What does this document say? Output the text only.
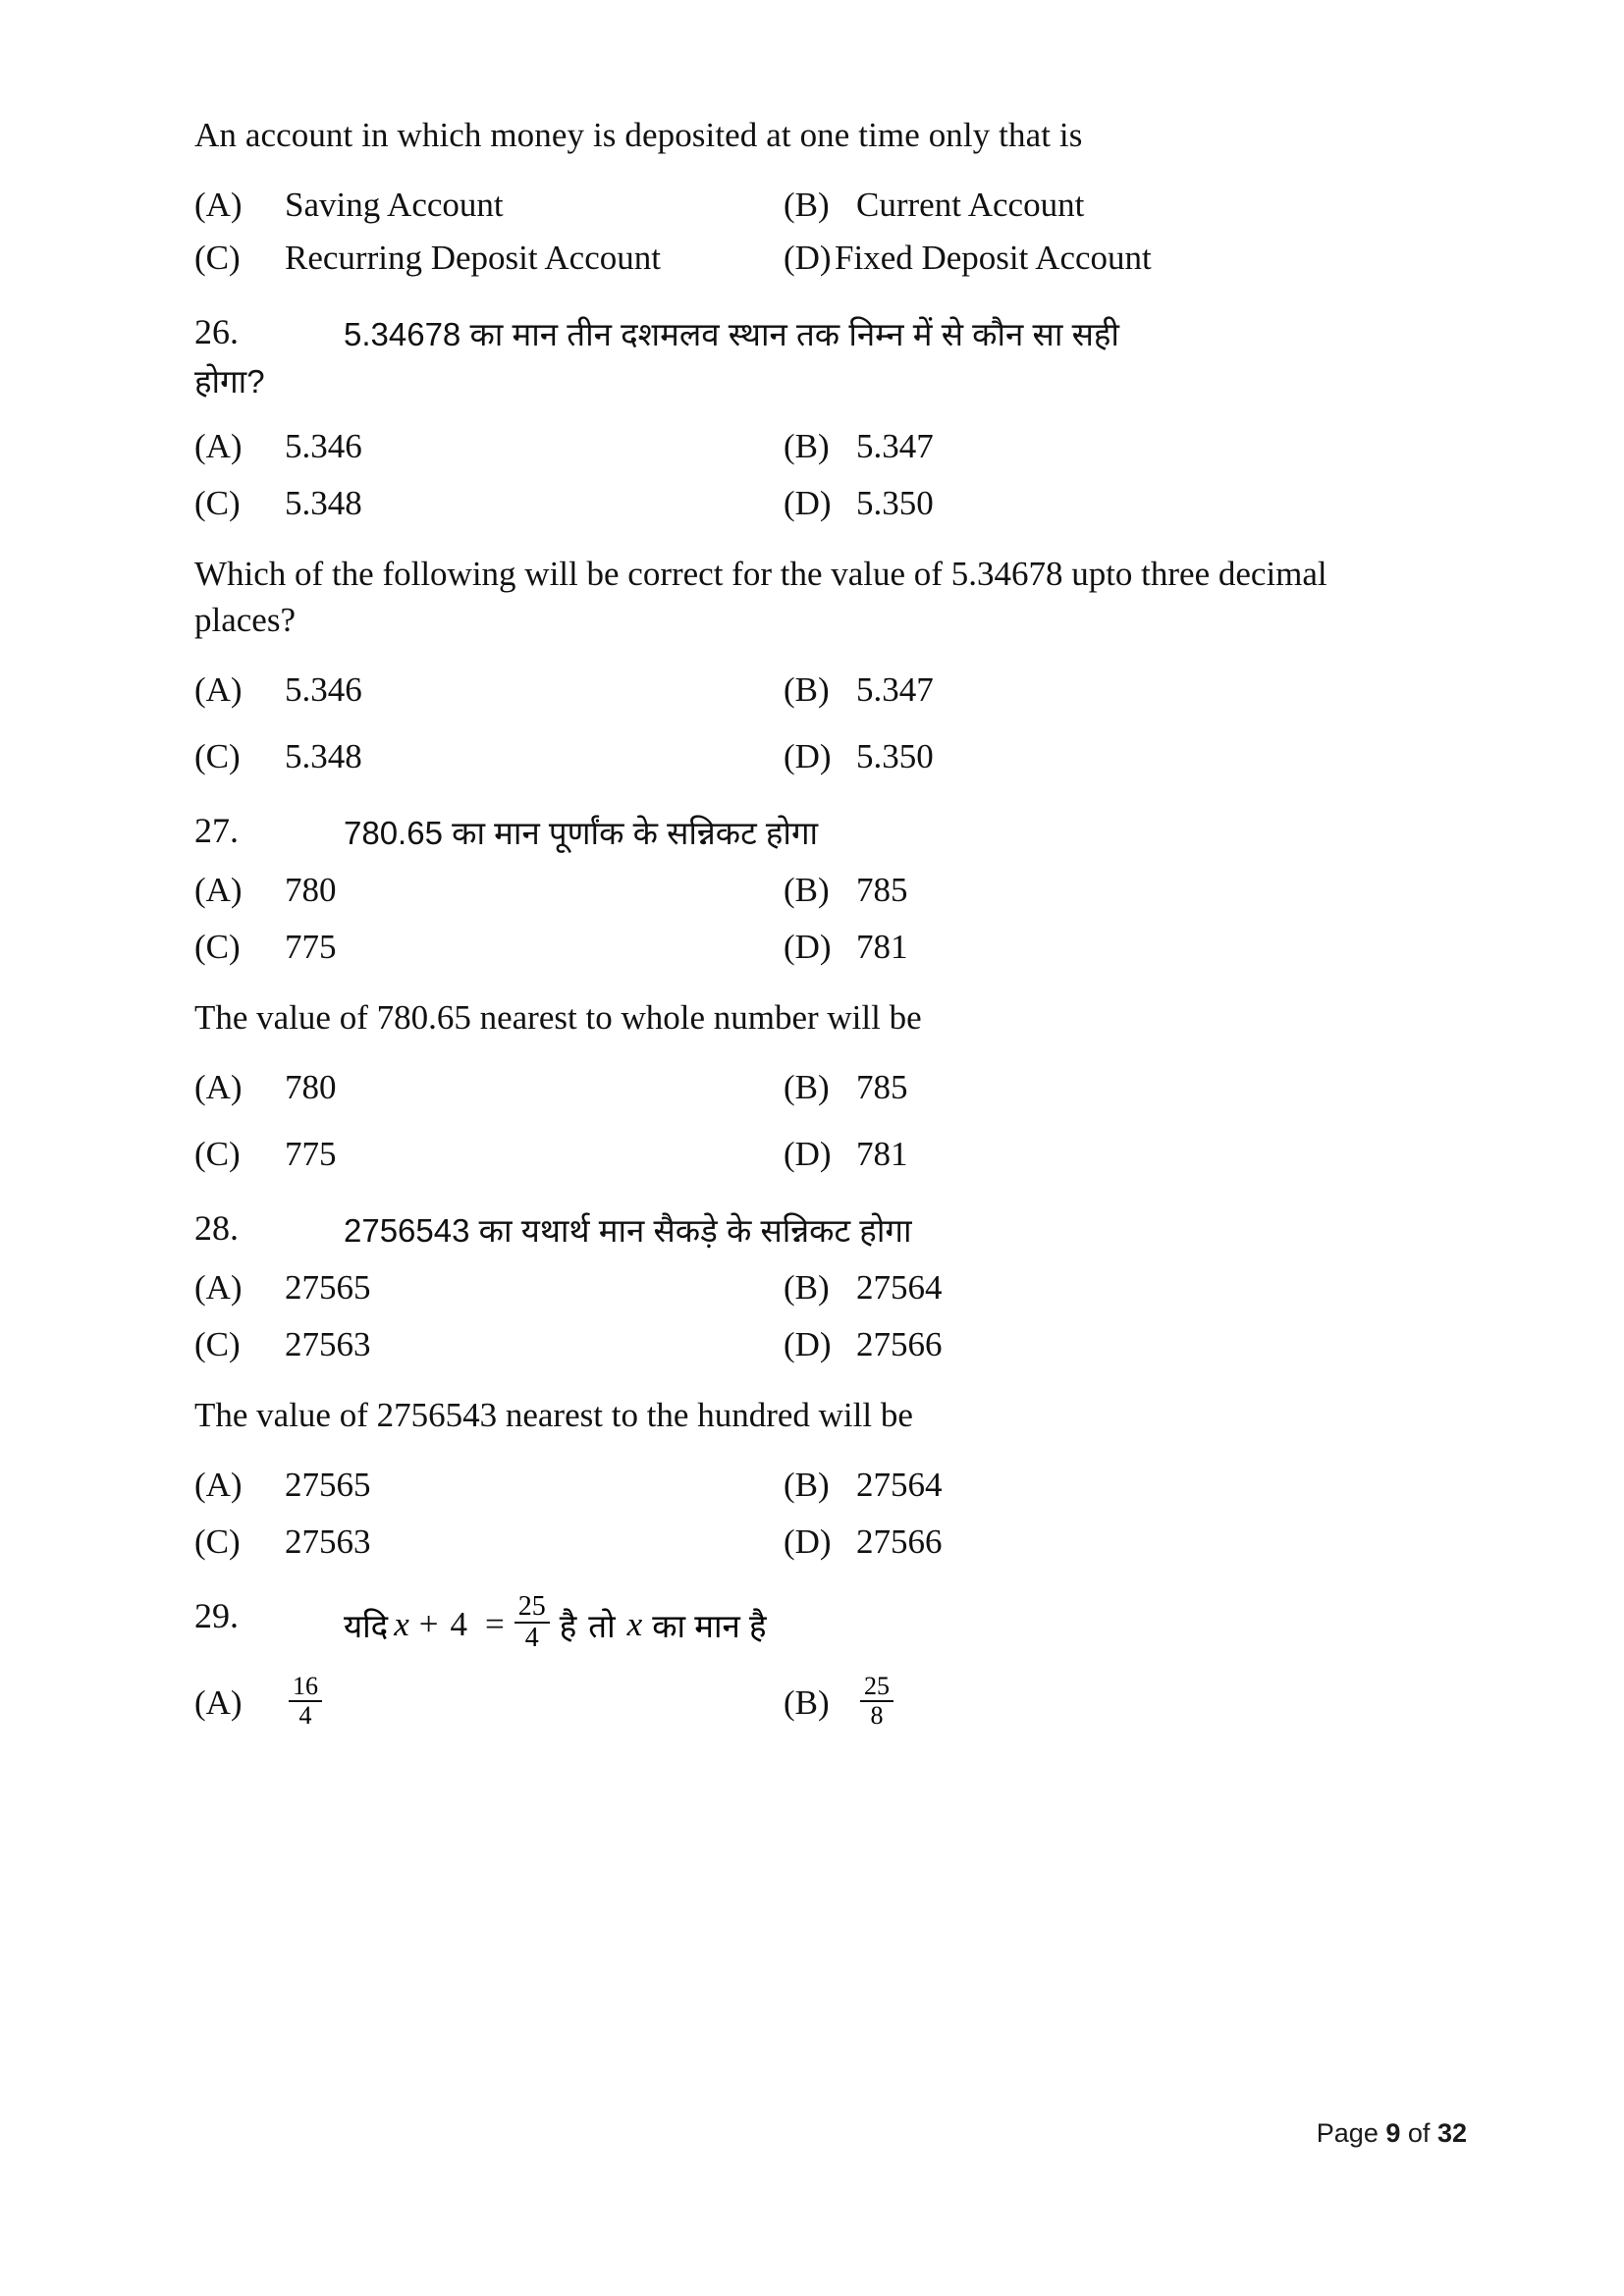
An account in which money is deposited at one time only that is
(A)	Saving Account	(B) Current Account
(C)	Recurring Deposit Account	(D) Fixed Deposit Account
26.	5.34678 का मान तीन दशमलव स्थान तक निम्न में से कौन सा सही
होगा?
(A)	5.346	(B) 5.347
(C)	5.348	(D) 5.350
Which of the following will be correct for the value of 5.34678 upto three decimal places?
(A)	5.346	(B) 5.347
(C)	5.348	(D) 5.350
27.	780.65 का मान पूर्णांक के सन्निकट होगा
(A)	780	(B) 785
(C)	775	(D) 781
The value of 780.65 nearest to whole number will be
(A)	780	(B) 785
(C)	775	(D) 781
28.	2756543 का यथार्थ मान सैकड़े के सन्निकट होगा
(A)	27565	(B) 27564
(C)	27563	(D) 27566
The value of 2756543 nearest to the hundred will be
(A)	27565	(B) 27564
(C)	27563	(D) 27566
29.	यदि $x + 4 = \frac{25}{4}$ है तो x का मान है
(A)	$\frac{16}{4}$	(B)	$\frac{25}{8}$
Page 9 of 32
